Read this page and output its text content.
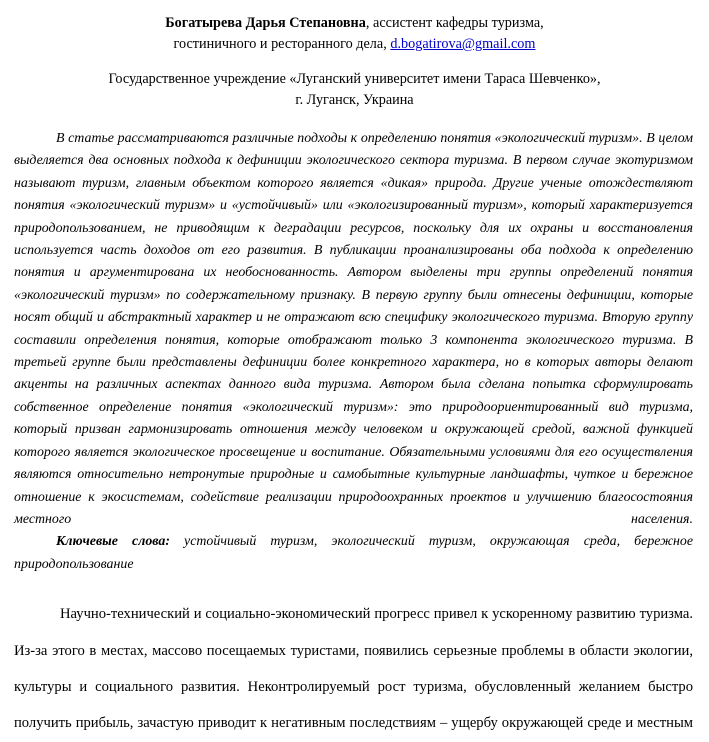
Богатырева Дарья Степановна, ассистент кафедры туризма,
гостиничного и ресторанного дела, d.bogatirova@gmail.com
Государственное учреждение «Луганский университет имени Тараса Шевченко»,
г. Луганск, Украина

В статье рассматриваются различные подходы к определению понятия «экологический туризм». В целом выделяется два основных подхода к дефиниции экологического сектора туризма. В первом случае экотуризмом называют туризм, главным объектом которого является «дикая» природа. Другие ученые отождествляют понятия «экологический туризм» и «устойчивый» или «экологизированный туризм», который характеризуется природопользованием, не приводящим к деградации ресурсов, поскольку для их охраны и восстановления используется часть доходов от его развития. В публикации проанализированы оба подхода к определению понятия и аргументирована их необоснованность. Автором выделены три группы определений понятия «экологический туризм» по содержательному признаку. В первую группу были отнесены дефиниции, которые носят общий и абстрактный характер и не отражают всю специфику экологического туризма. Вторую группу составили определения понятия, которые отображают только 3 компонента экологического туризма. В третьей группе были представлены дефиниции более конкретного характера, но в которых авторы делают акценты на различных аспектах данного вида туризма. Автором была сделана попытка сформулировать собственное определение понятия «экологический туризм»: это природоориентированный вид туризма, который призван гармонизировать отношения между человеком и окружающей средой, важной функцией которого является экологическое просвещение и воспитание. Обязательными условиями для его осуществления являются относительно нетронутые природные и самобытные культурные ландшафты, чуткое и бережное отношение к экосистемам, содействие реализации природоохранных проектов и улучшению благосостояния местного населения.

Ключевые слова: устойчивый туризм, экологический туризм, окружающая среда, бережное природопользование

Научно-технический и социально-экономический прогресс привел к ускоренному развитию туризма. Из-за этого в местах, массово посещаемых туристами, появились серьезные проблемы в области экологии, культуры и социального развития. Неконтролируемый рост туризма, обусловленный желанием быстро получить прибыль, зачастую приводит к негативным последствиям – ущербу окружающей среде и местным
